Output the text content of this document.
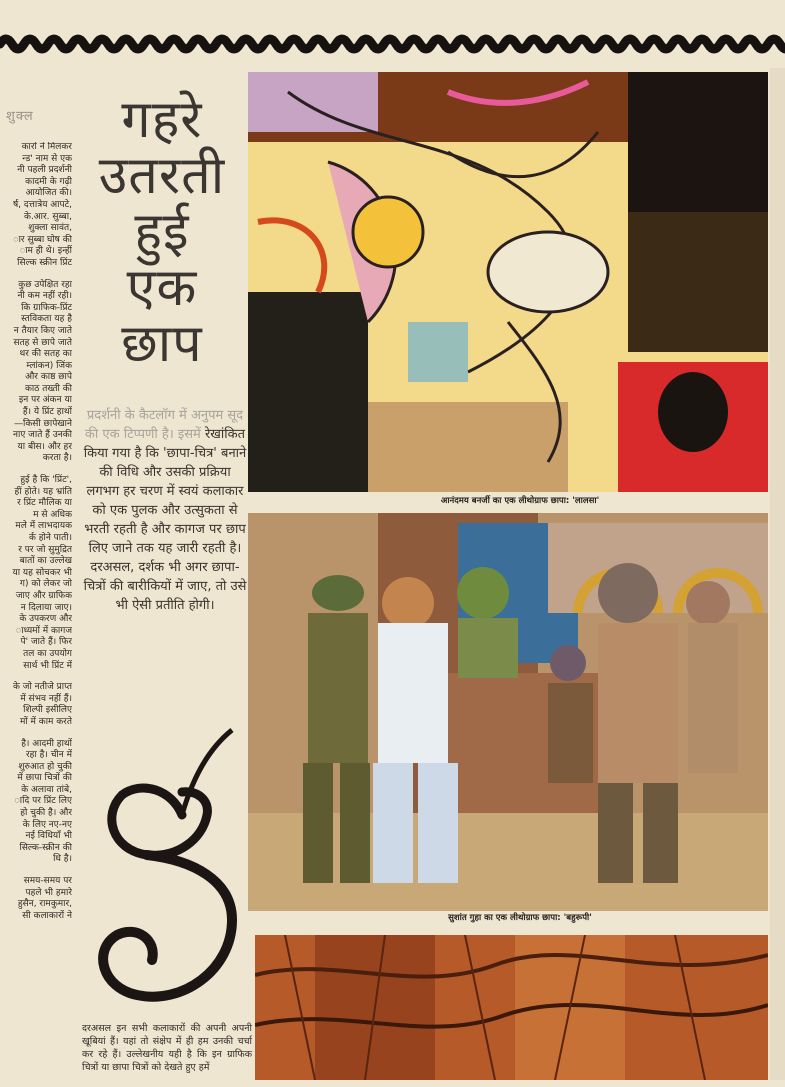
शुक्ल

कारों ने मिलकर
न्ड' नाम से एक
नी पहली प्रदर्शनी
कादमी के गढ़ी
आयोजित की।
र्ष, दत्तात्रेय आपटे,
के.आर. सुब्बा,
शुक्ला सावंत,
ार सुब्बा घोष की
ाम ही थे। इन्हीं
सिल्क स्क्रीन प्रिंट

कुछ उपेक्षित रहा
नी कम नहीं रही।
कि ग्राफिक-प्रिंट
स्तविकता यह है
न तैयार किए जाते
सतह से छापे जाते
थर की सतह का
म्लांकन) जिंक
और काष्ठ छापे
काठ तख्ती की
इन पर अंकन या
हैं। ये प्रिंट हाथों
—किसी छापेखाने
नाए जाते हैं उनकी
या बीस। और हर
करता है।

हुई है कि 'प्रिंट',
हीं होते। यह भ्रांति
र प्रिंट मौलिक या
म से अधिक
मले में लाभदायक
र्क होने पाती।
र पर जो सुमुद्रित
बातों का उल्लेख
या यह सोचकर भी
ग) को लेकर जो
जाए और ग्राफिक
न दिलाया जाए।
के उपकरण और
ाध्यमों में कागज
पे' जाते हैं। फिर
तल का उपयोग
सार्थ भी प्रिंट में

के जो नतीजे प्राप्त
में संभव नहीं हैं।
शिल्पी इसीलिए
मों में काम करते

है। आदमी हाथों
रहा है। चीन में
शुरुआत हो चुकी
में छापा चित्रों की
के अलावा तांबे,
ादि पर प्रिंट लिए
हो चुकी है। और
के लिए नए-नए
नई विधियाँ भी
सिल्क-स्क्रीन की
धि है।

समय-समय पर
पहले भी हमारे
हुसैन, रामकुमार,
सी कलाकारों ने

गहरे
उतरती
हुई
एक
छाप
प्रदर्शनी के कैटलॉग में अनुपम सूद की एक टिप्पणी है। इसमें रेखांकित किया गया है कि 'छापा-चित्र' बनाने की विधि और उसकी प्रक्रिया लगभग हर चरण में स्वयं कलाकार को एक पुलक और उत्सुकता से भरती रहती है और कागज पर छाप लिए जाने तक यह जारी रहती है। दरअसल, दर्शक भी अगर छापा-चित्रों की बारीकियों में जाए, तो उसे भी ऐसी प्रतीति होगी।
आनंदमय बनर्जी का एक लीथोग्राफ छापा: 'लालसा'
सुशांत गुहा का एक लीथोग्राफ छापा: 'बहुरूपी'
दरअसल इन सभी कलाकारों की अपनी अपनी खूबियां हैं। यहां तो संक्षेप में ही हम उनकी चर्चा कर रहे हैं। उल्लेखनीय यही है कि इन ग्राफिक चित्रों या छापा चित्रों को देखते हुए हमें
